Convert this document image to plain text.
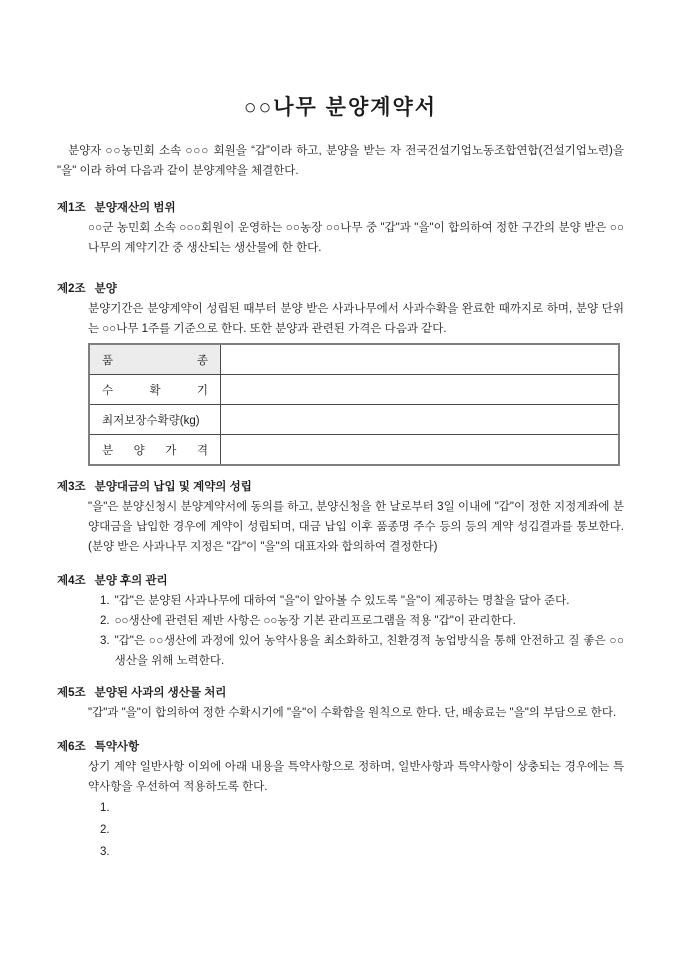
○○나무 분양계약서

분양자 ○○농민회 소속 ○○○ 회원을 “갑”이라 하고, 분양을 받는 자 전국건설기업노동조합연합(건설기업노련)을 "을" 이라 하여 다음과 같이 분양계약을 체결한다.

제1조 분양재산의 범위

○○군 농민회 소속 ○○○회원이 운영하는 ○○농장 ○○나무 중 "갑"과 "을"이 합의하여 정한 구간의 분양 받은 ○○나무의 계약기간 중 생산되는 생산물에 한 한다.

제2조 분양

분양기간은 분양계약이 성립된 때부터 분양 받은 사과나무에서 사과수확을 완료한 때까지로 하며, 분양 단위는 ○○나무 1주를 기준으로 한다. 또한 분양과 관련된 가격은 다음과 같다.

품 종	
수 확 기	
최저보장수확량(kg)	
분 양 가 격	
제3조 분양대금의 납입 및 계약의 성립

"을"은 분양신청시 분양계약서에 동의를 하고, 분양신청을 한 날로부터 3일 이내에 "갑"이 정한 지정계좌에 분양대금을 납입한 경우에 계약이 성립되며, 대금 납입 이후 품종명 주수 등의 등의 계약 성깁결과를 통보한다. (분양 받은 사과나무 지정은 "갑"이 "을"의 대표자와 합의하여 결정한다)

제4조 분양 후의 관리
1. "갑"은 분양된 사과나무에 대하여 "을"이 알아볼 수 있도록 "을"이 제공하는 명찰을 달아 준다.
2. ○○생산에 관련된 제반 사항은 ○○농장 기본 관리프로그램을 적용 "갑"이 관리한다.
3. "갑"은 ○○생산에 과정에 있어 농약사용을 최소화하고, 친환경적 농업방식을 통해 안전하고 질 좋은 ○○생산을 위해 노력한다.
제5조 분양된 사과의 생산물 처리

"갑"과 "을"이 합의하여 정한 수확시기에 "을"이 수확함을 원칙으로 한다. 단, 배송료는 "을"의 부담으로 한다.

제6조 특약사항

상기 계약 일반사항 이외에 아래 내용을 특약사항으로 정하며, 일반사항과 특약사항이 상충되는 경우에는 특약사항을 우선하여 적용하도록 한다.

1.
2.
3.
